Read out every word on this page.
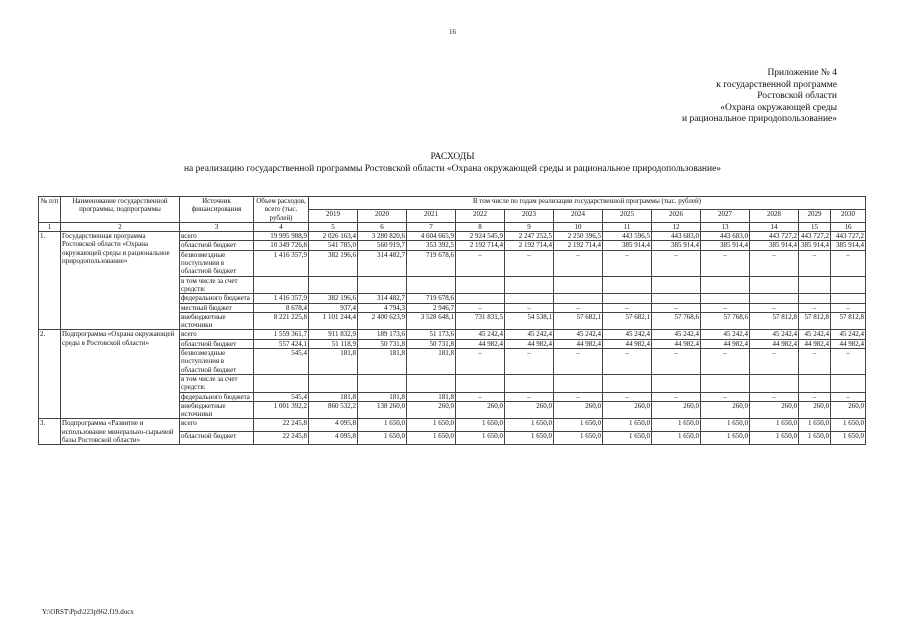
16
Приложение № 4
к государственной программе
Ростовской области
«Охрана окружающей среды
и рациональное природопользование»
РАСХОДЫ
на реализацию государственной программы Ростовской области «Охрана окружающей среды и рациональное природопользование»
№ п/п	Наименование государственной программы, подпрограммы	Источник финансирования	Объем расходов, всего (тыс. рублей)	В том числе по годам реализации государственной программы (тыс. рублей)											
				2019	2020	2021	2022	2023	2024	2025	2026	2027	2028	2029	2030
1	2	3	4	5	6	7	8	9	10	11	12	13	14	15	16
1.	Государственная программа Ростовской области «Охрана окружающей среды и рациональное природопользование»	всего	19 995 988,9	2 026 163,4	3 280 820,6	4 604 665,9	2 924 545,9	2 247 252,5	2 250 396,5	443 596,5	443 683,0	443 683,0	443 727,2	443 727,2	443 727,2
		областной бюджет	10 349 726,8	541 785,0	560 919,7	353 392,5	2 192 714,4	2 192 714,4	2 192 714,4	385 914,4	385 914,4	385 914,4	385 914,4	385 914,4	385 914,4
		безвозмездные поступления в областной бюджет	1 416 357,9	382 196,6	314 482,7	719 678,6	–	–	–	–	–	–	–	–	–
		в том числе за счет средств:													
		федерального бюджета	1 416 357,9	382 196,6	314 482,7	719 678,6									
		местный бюджет	8 678,4	937,4	4 794,3	2 946,7	–	–	–	–	–	–	–	–	–
		внебюджетные источники	8 221 225,8	1 101 244,4	2 400 623,9	3 528 648,1	731 831,5	54 538,1	57 682,1	57 682,1	57 768,6	57 768,6	57 812,8	57 812,8	57 812,8
2.	Подпрограмма «Охрана окружающей среды в Ростовской области»	всего	1 559 361,7	911 832,9	189 173,6	51 173,6	45 242,4	45 242,4	45 242,4	45 242,4	45 242,4	45 242,4	45 242,4	45 242,4	45 242,4
		областной бюджет	557 424,1	51 118,9	50 731,8	50 731,8	44 982,4	44 982,4	44 982,4	44 982,4	44 982,4	44 982,4	44 982,4	44 982,4	44 982,4
		безвозмездные поступления в областной бюджет	545,4	181,8	181,8	181,8	–	–	–	–	–	–	–	–	–
		в том числе за счет средств:													
		федерального бюджета	545,4	181,8	181,8	181,8	–	–	–	–	–	–	–	–	–
		внебюджетные источники	1 001 392,2	860 532,2	138 260,0	260,0	260,0	260,0	260,0	260,0	260,0	260,0	260,0	260,0	260,0
3.	Подпрограмма «Развитие и использование минерально-сырьевой базы Ростовской области»	всего	22 245,8	4 095,8	1 650,0	1 650,0	1 650,0	1 650,0	1 650,0	1 650,0	1 650,0	1 650,0	1 650,0	1 650,0	1 650,0
		областной бюджет	22 245,8	4 095,8	1 650,0	1 650,0	1 650,0	1 650,0	1 650,0	1 650,0	1 650,0	1 650,0	1 650,0	1 650,0	1 650,0
Y:\ORST\Ppd\223p962.f19.docx
